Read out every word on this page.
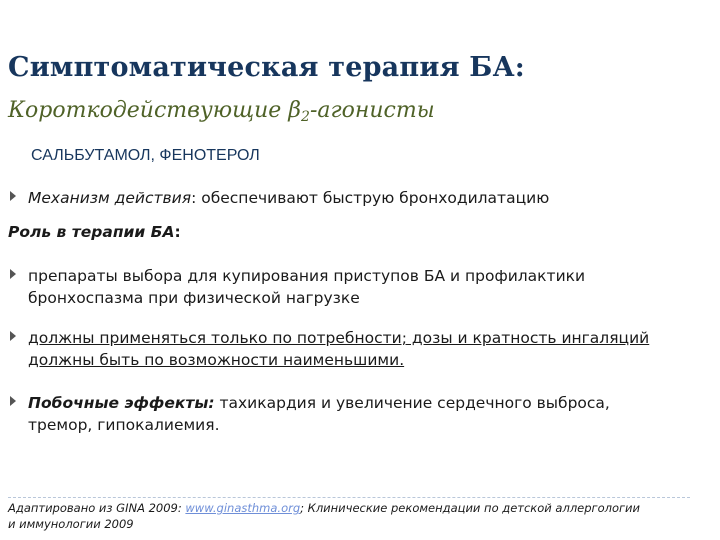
Симптоматическая терапия БА:
Короткодействующие $\beta_2$-агонисты
САЛЬБУТАМОЛ, ФЕНОТЕРОЛ
Механизм действия: обеспечивают быструю бронходилатацию
Роль в терапии БА:
препараты выбора для купирования приступов БА и профилактики бронхоспазма при физической нагрузке
должны применяться только по потребности; дозы и кратность ингаляций должны быть по возможности наименьшими.
Побочные эффекты: тахикардия и увеличение сердечного выброса, тремор, гипокалиемия.
Адаптировано из GINA 2009: www.ginasthma.org; Клинические рекомендации по детской аллергологии и иммунологии 2009
